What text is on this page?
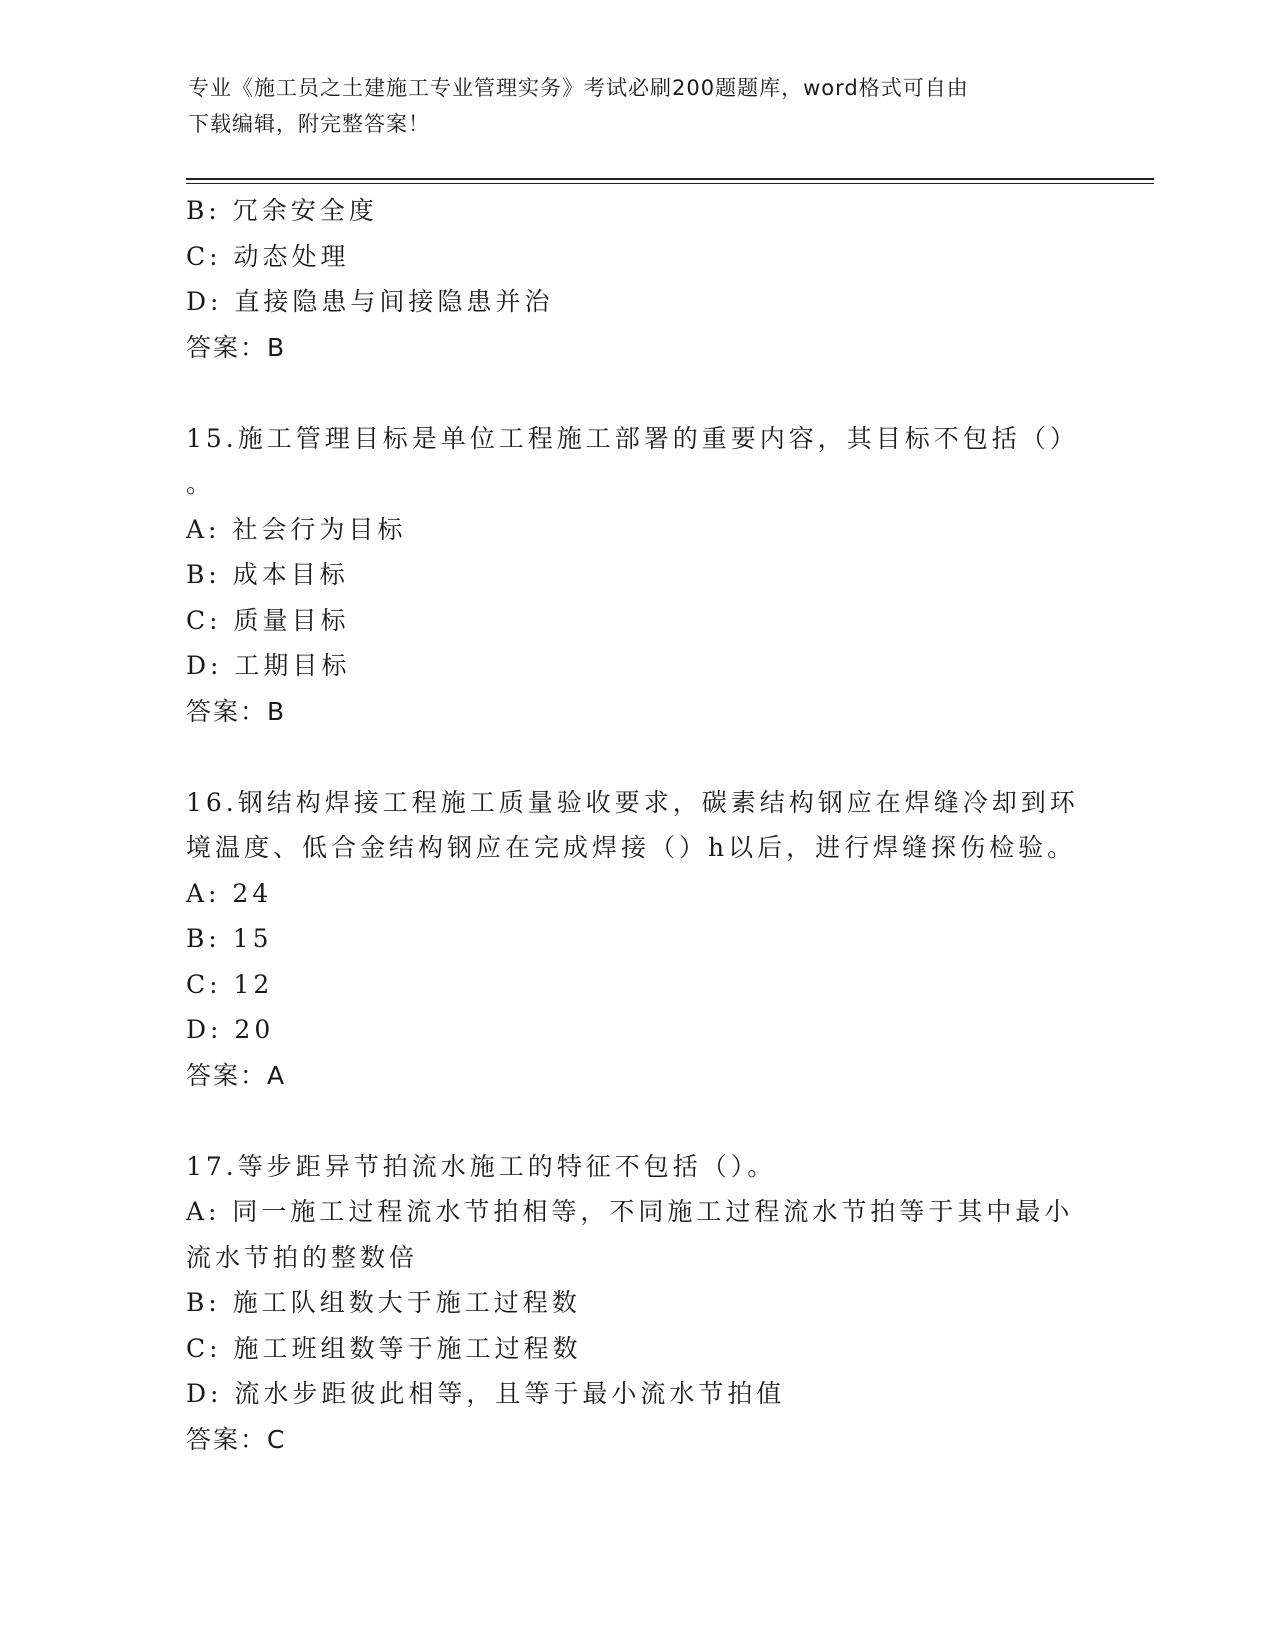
专业《施工员之土建施工专业管理实务》考试必刷200题题库，word格式可自由
下载编辑，附完整答案！
B: 冗余安全度
C: 动态处理
D: 直接隐患与间接隐患并治
答案：B
15.施工管理目标是单位工程施工部署的重要内容，其目标不包括（）
。
A: 社会行为目标
B: 成本目标
C: 质量目标
D: 工期目标
答案：B
16.钢结构焊接工程施工质量验收要求，碳素结构钢应在焊缝冷却到环
境温度、低合金结构钢应在完成焊接（）h以后，进行焊缝探伤检验。
A: 24
B: 15
C: 12
D: 20
答案：A
17.等步距异节拍流水施工的特征不包括（）。
A: 同一施工过程流水节拍相等，不同施工过程流水节拍等于其中最小
流水节拍的整数倍
B: 施工队组数大于施工过程数
C: 施工班组数等于施工过程数
D: 流水步距彼此相等，且等于最小流水节拍值
答案：C
